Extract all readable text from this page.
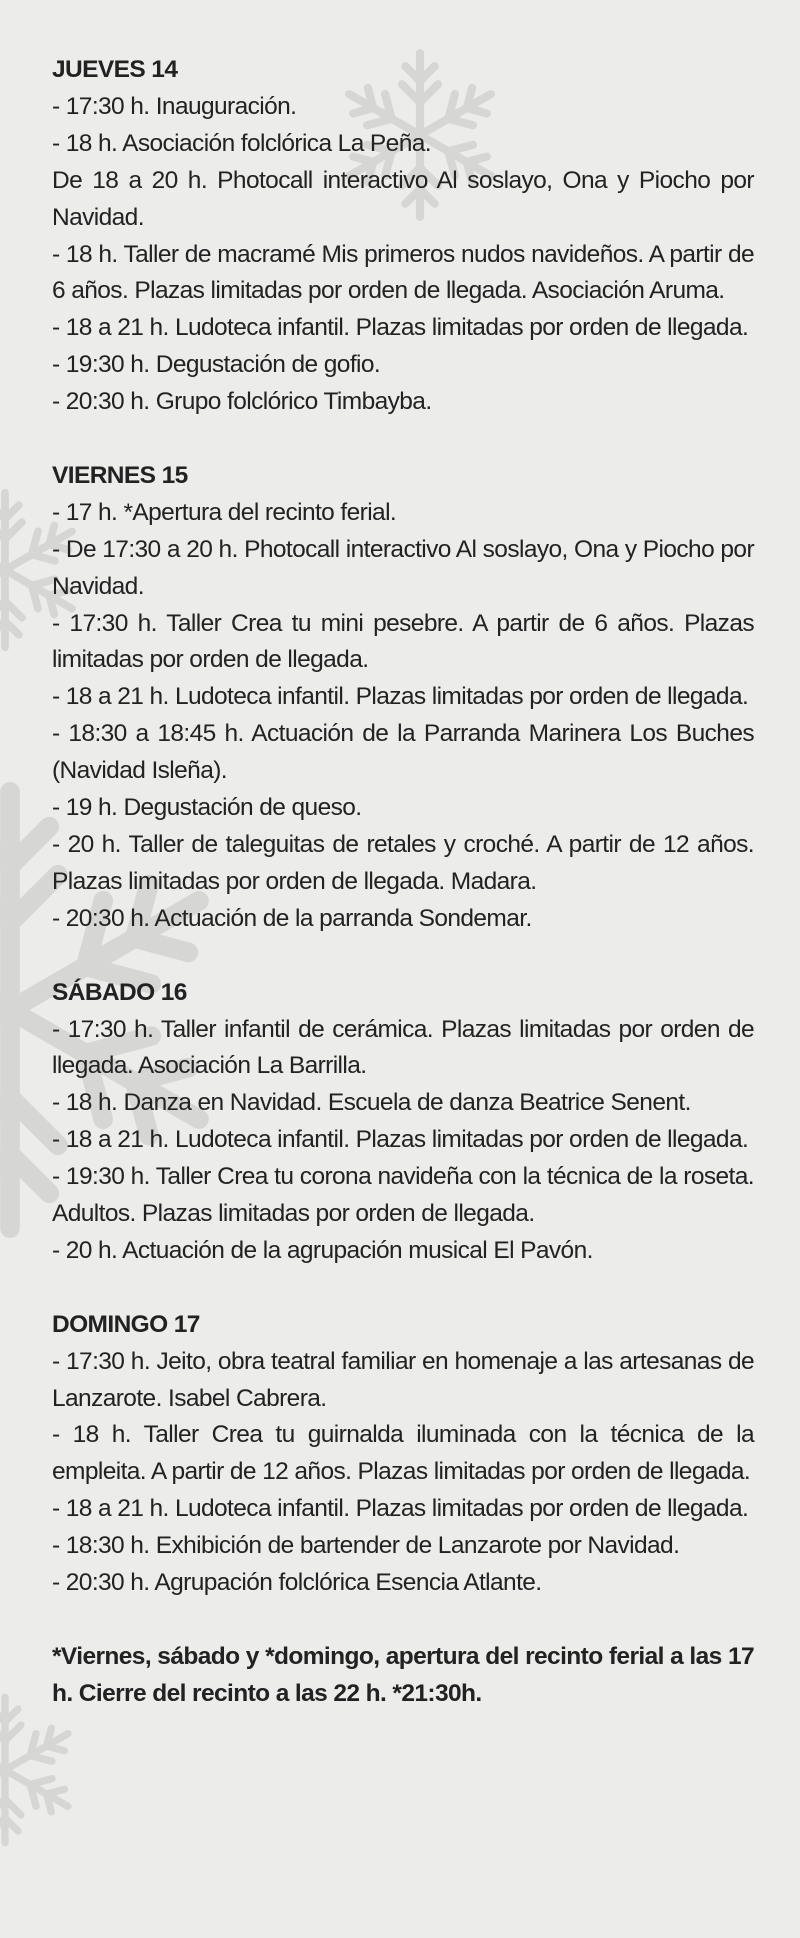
JUEVES 14

- 17:30 h. Inauguración.

- 18 h. Asociación folclórica La Peña.

De 18 a 20 h. Photocall interactivo Al soslayo, Ona y Piocho por Navidad.

- 18 h. Taller de macramé Mis primeros nudos navideños. A partir de 6 años. Plazas limitadas por orden de llegada. Asociación Aruma.

- 18 a 21 h. Ludoteca infantil. Plazas limitadas por orden de llegada.

- 19:30 h. Degustación de gofio.

- 20:30 h. Grupo folclórico Timbayba.

VIERNES 15

- 17 h. *Apertura del recinto ferial.

- De 17:30 a 20 h. Photocall interactivo Al soslayo, Ona y Piocho por Navidad.

- 17:30 h. Taller Crea tu mini pesebre. A partir de 6 años. Plazas limitadas por orden de llegada.

- 18 a 21 h. Ludoteca infantil. Plazas limitadas por orden de llegada.

- 18:30 a 18:45 h. Actuación de la Parranda Marinera Los Buches (Navidad Isleña).

- 19 h. Degustación de queso.

- 20 h. Taller de taleguitas de retales y croché. A partir de 12 años. Plazas limitadas por orden de llegada. Madara.

- 20:30 h. Actuación de la parranda Sondemar.

SÁBADO 16

- 17:30 h. Taller infantil de cerámica. Plazas limitadas por orden de llegada. Asociación La Barrilla.

- 18 h. Danza en Navidad. Escuela de danza Beatrice Senent.

- 18 a 21 h. Ludoteca infantil. Plazas limitadas por orden de llegada.

- 19:30 h. Taller Crea tu corona navideña con la técnica de la roseta. Adultos. Plazas limitadas por orden de llegada.

- 20 h. Actuación de la agrupación musical El Pavón.

DOMINGO 17

- 17:30 h. Jeito, obra teatral familiar en homenaje a las artesanas de Lanzarote. Isabel Cabrera.

- 18 h. Taller Crea tu guirnalda iluminada con la técnica de la empleita. A partir de 12 años. Plazas limitadas por orden de llegada.

- 18 a 21 h. Ludoteca infantil. Plazas limitadas por orden de llegada.

- 18:30 h. Exhibición de bartender de Lanzarote por Navidad.

- 20:30 h. Agrupación folclórica Esencia Atlante.

*Viernes, sábado y *domingo, apertura del recinto ferial a las 17 h. Cierre del recinto a las 22 h. *21:30h.
